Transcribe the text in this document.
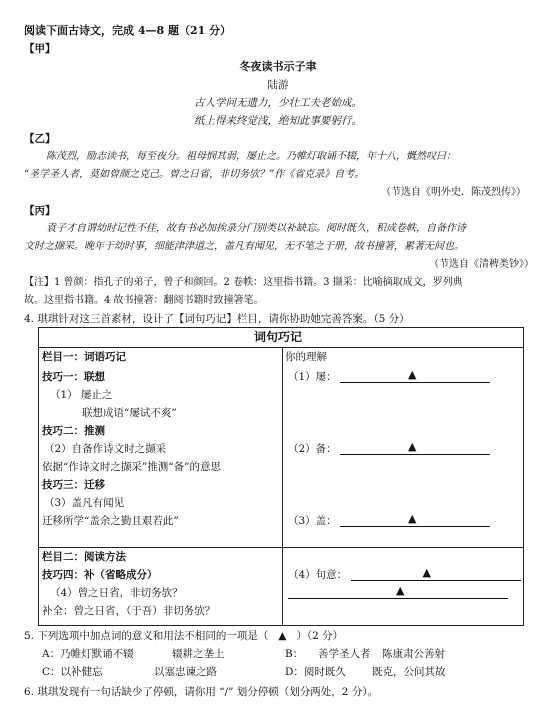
阅读下面古诗文，完成 4—8 题（21 分）
【甲】
冬夜读书示子聿
陆游
古人学问无遗力，少壮工夫老始成。
纸上得来终觉浅，绝知此事要躬行。
【乙】
陈茂烈，励志读书，每至夜分。祖母悯其弱，屡止之。乃帷灯取诵不辍，年十八，慨然叹曰：
“圣学圣人者，莫如曾颜之克己。曾之日省，非切务欤？”作《省克录》自考。
（节选自《明外史．陈茂烈传》）
【丙】
袁子才自谓幼时记性不佳，故有书必加挨录分门别类以补缺忘。阅时既久，积成卷帙，自备作诗
文时之撷采。晚年于幼时事，细能津津道之，盖凡有闻见，无不笔之于册，故书撞箸，累著无间也。
（节选自《清稗类钞》）
【注】1 曾颜：指孔子的弟子，曾子和颜回。2 卷帙：这里指书籍。3 撷采：比喻摘取成文，罗列典
故。这里指书籍。4 故书撞箸：翻阅书籍时致撞箸笔。
4. 琪琪针对这三首素材，设计了【词句巧记】栏目，请你协助她完善答案。（5 分）
词句巧记
栏目一：词语巧记	你的理解
技巧一：联想
（1） 屡止之
联想成语“屡试不爽”
（1）屡：	▲
技巧二：推测
（2）自备作诗文时之撷采
依据“作诗文时之撷采”推测“备”的意思
（2）备：	▲
技巧三：迁移
（3）盖凡有闻见
迁移所学“盖余之勤且艰若此”	（3）盖：	▲
栏目二：阅读方法
技巧四：补（省略成分）
（4）曾之日省，非切务欤？
补全：曾之日省，（于吾）非切务欤？
（4）句意：	▲
▲
5. 下列选项中加点词的意义和用法不相同的一项是（ ▲ ）（2 分）
A：乃帷灯默诵不辍	辍耕之垄上	B： 善学圣人者 陈康肃公善射
C：以补健忘	以塞忠谏之路	D：阅时既久 既克，公问其故
6. 琪琪发现有一句话缺少了停顿，请你用 “/” 划分停顿（划分两处，2 分）。
